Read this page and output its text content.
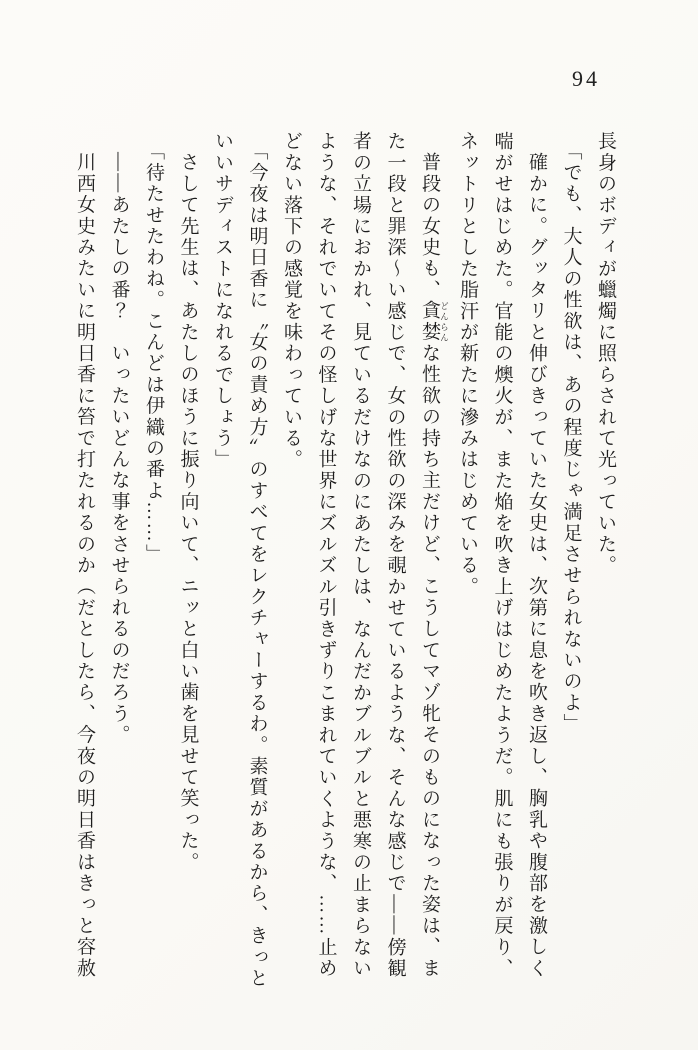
94
長身のボディが蠟燭に照らされて光っていた。
「でも、大人の性欲は、あの程度じゃ満足させられないのよ」
確かに。グッタリと伸びきっていた女史は、次第に息を吹き返し、胸乳や腹部を激しく
喘がせはじめた。官能の燠火が、また焔を吹き上げはじめたようだ。肌にも張りが戻り、
ネットリとした脂汗が新たに滲みはじめている。
普段の女史も、貪婪 どんらんな性欲の持ち主だけど、こうしてマゾ牝そのものになった姿は、ま
た一段と罪深〜い感じで、女の性欲の深みを覗かせているような、そんな感じで——傍観
者の立場におかれ、見ているだけなのにあたしは、なんだかブルブルと悪寒の止まらない
ような、それでいてその怪しげな世界にズルズル引きずりこまれていくような、……止め
どない落下の感覚を味わっている。
「今夜は明日香に〝女の責め方〟のすべてをレクチャーするわ。素質があるから、きっと
いいサディストになれるでしょう」
さして先生は、あたしのほうに振り向いて、ニッと白い歯を見せて笑った。
「待たせたわね。こんどは伊織の番よ……」
——あたしの番？　いったいどんな事をさせられるのだろう。
川西女史みたいに明日香に笞で打たれるのか（だとしたら、今夜の明日香はきっと容赦
